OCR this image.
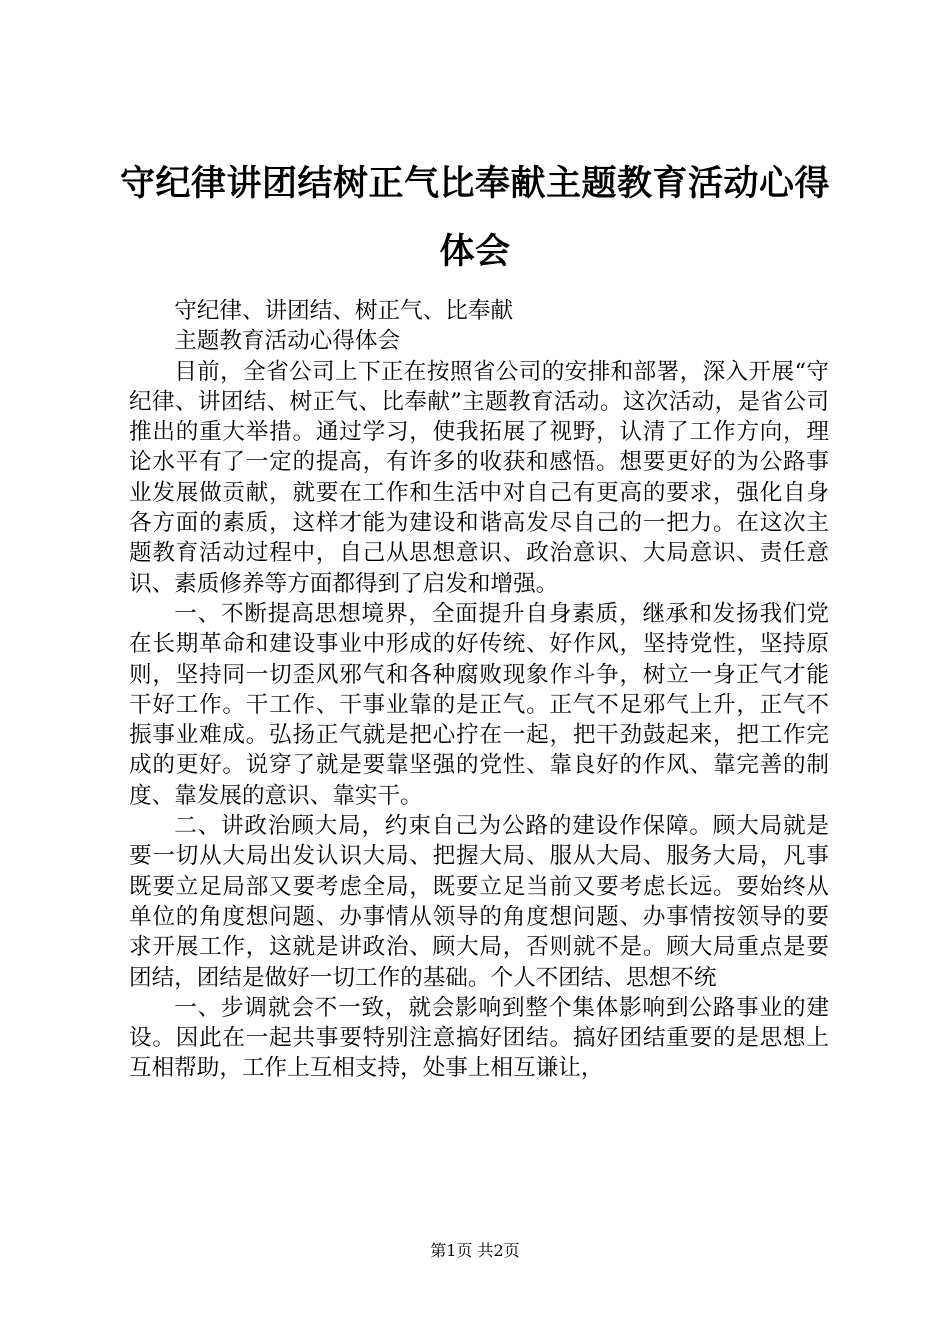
守纪律讲团结树正气比奉献主题教育活动心得
体会

守纪律、讲团结、树正气、比奉献

主题教育活动心得体会

目前，全省公司上下正在按照省公司的安排和部署，深入开展“守纪律、讲团结、树正气、比奉献”主题教育活动。这次活动，是省公司推出的重大举措。通过学习，使我拓展了视野，认清了工作方向，理论水平有了一定的提高，有许多的收获和感悟。想要更好的为公路事业发展做贡献，就要在工作和生活中对自己有更高的要求，强化自身各方面的素质，这样才能为建设和谐高发尽自己的一把力。在这次主题教育活动过程中，自己从思想意识、政治意识、大局意识、责任意识、素质修养等方面都得到了启发和增强。

一、不断提高思想境界，全面提升自身素质，继承和发扬我们党在长期革命和建设事业中形成的好传统、好作风，坚持党性，坚持原则，坚持同一切歪风邪气和各种腐败现象作斗争，树立一身正气才能干好工作。干工作、干事业靠的是正气。正气不足邪气上升，正气不振事业难成。弘扬正气就是把心拧在一起，把干劲鼓起来，把工作完成的更好。说穿了就是要靠坚强的党性、靠良好的作风、靠完善的制度、靠发展的意识、靠实干。

二、讲政治顾大局，约束自己为公路的建设作保障。顾大局就是要一切从大局出发认识大局、把握大局、服从大局、服务大局，凡事既要立足局部又要考虑全局，既要立足当前又要考虑长远。要始终从单位的角度想问题、办事情从领导的角度想问题、办事情按领导的要求开展工作，这就是讲政治、顾大局，否则就不是。顾大局重点是要团结，团结是做好一切工作的基础。个人不团结、思想不统

一、步调就会不一致，就会影响到整个集体影响到公路事业的建设。因此在一起共事要特别注意搞好团结。搞好团结重要的是思想上互相帮助，工作上互相支持，处事上相互谦让，

第1页 共2页
